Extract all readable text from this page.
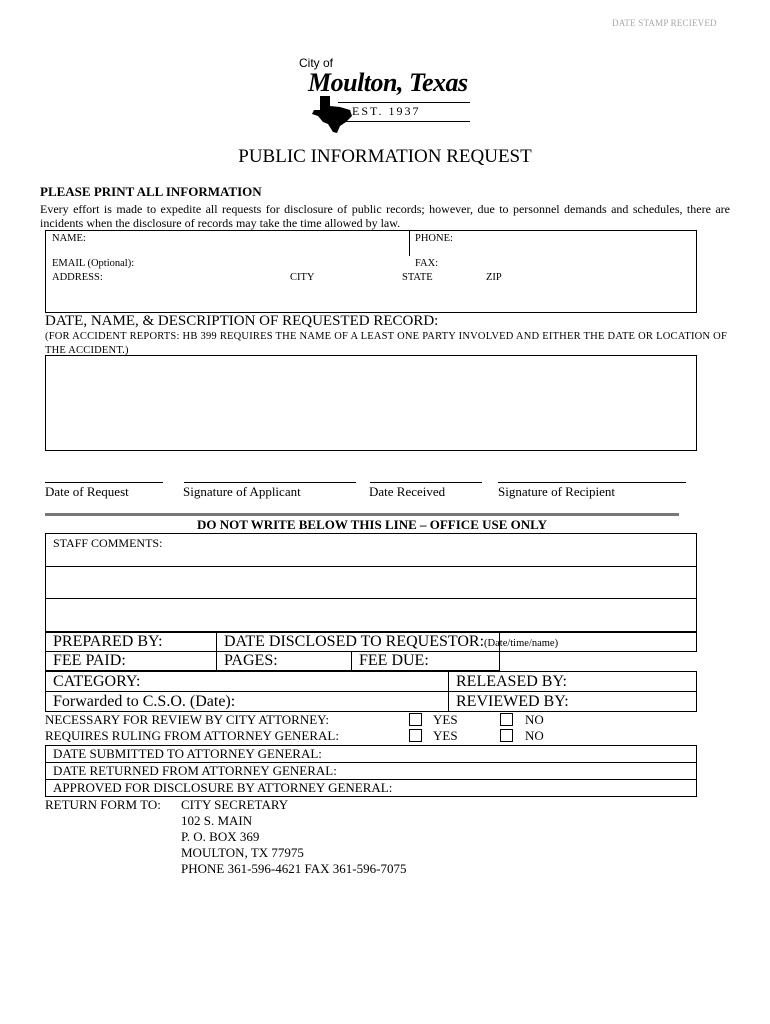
DATE STAMP RECIEVED
City of
Moulton, Texas
EST. 1937
PUBLIC INFORMATION REQUEST
PLEASE PRINT ALL INFORMATION
Every effort is made to expedite all requests for disclosure of public records; however, due to personnel demands and schedules, there are incidents when the disclosure of records may take the time allowed by law.
NAME:	PHONE:
EMAIL (Optional):	FAX:
ADDRESS:	CITY	STATE	ZIP
DATE, NAME, & DESCRIPTION OF REQUESTED RECORD:
(FOR ACCIDENT REPORTS: HB 399 REQUIRES THE NAME OF A LEAST ONE PARTY INVOLVED AND EITHER THE DATE OR LOCATION OF THE ACCIDENT.)
Date of Request	Signature of Applicant	Date Received	Signature of Recipient
DO NOT WRITE BELOW THIS LINE – OFFICE USE ONLY
STAFF COMMENTS:
PREPARED BY:	DATE DISCLOSED TO REQUESTOR:(Date/time/name)
FEE PAID:	PAGES:	FEE DUE:
CATEGORY:	RELEASED BY:
Forwarded to C.S.O. (Date):	REVIEWED BY:
NECESSARY FOR REVIEW BY CITY ATTORNEY:	YES	NO
REQUIRES RULING FROM ATTORNEY GENERAL:	YES	NO
DATE SUBMITTED TO ATTORNEY GENERAL:
DATE RETURNED FROM ATTORNEY GENERAL:
APPROVED FOR DISCLOSURE BY ATTORNEY GENERAL:
RETURN FORM TO: CITY SECRETARY
102 S. MAIN
P. O. BOX 369
MOULTON, TX 77975
PHONE 361-596-4621 FAX 361-596-7075
